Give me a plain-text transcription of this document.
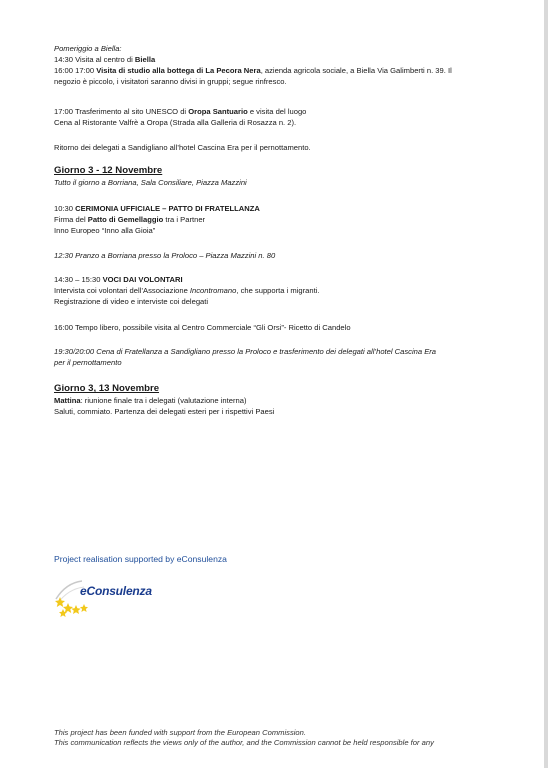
Pomeriggio a Biella:
14:30 Visita al centro di Biella
16:00 17:00 Visita di studio alla bottega di La Pecora Nera, azienda agricola sociale, a Biella Via Galimberti n. 39. Il
negozio è piccolo, i visitatori saranno divisi in gruppi; segue rinfresco.
17:00 Trasferimento al sito UNESCO di Oropa Santuario e visita del luogo
Cena al Ristorante Valfrè a Oropa (Strada alla Galleria di Rosazza n. 2).
Ritorno dei delegati a Sandigliano all’hotel Cascina Era per il pernottamento.
Giorno 3 - 12 Novembre
Tutto il giorno a Borriana, Sala Consiliare, Piazza Mazzini
10:30 CERIMONIA UFFICIALE – PATTO DI FRATELLANZA
Firma del Patto di Gemellaggio tra i Partner
Inno Europeo “Inno alla Gioia”
12:30 Pranzo a Borriana presso la Proloco – Piazza Mazzini n. 80
14:30 – 15:30 VOCI DAI VOLONTARI
Intervista coi volontari dell’Associazione Incontromano, che supporta i migranti.
Registrazione di video e interviste coi delegati
16:00 Tempo libero, possibile visita al Centro Commerciale “Gli Orsi”- Ricetto di Candelo
19:30/20:00 Cena di Fratellanza a Sandigliano presso la Proloco e trasferimento dei delegati all’hotel Cascina Era
per il pernottamento
Giorno 3, 13 Novembre
Mattina: riunione finale tra i delegati (valutazione interna)
Saluti, commiato. Partenza dei delegati esteri per i rispettivi Paesi
Project realisation supported by eConsulenza
eConsulenza
This project has been funded with support from the European Commission.
This communication reflects the views only of the author, and the Commission cannot be held responsible for any
